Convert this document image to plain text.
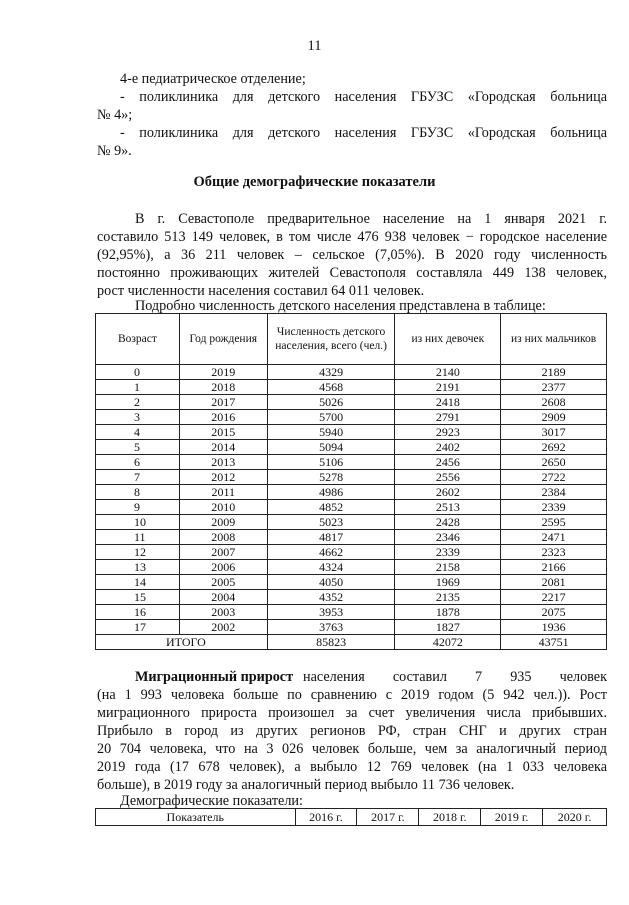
11
4-е педиатрическое отделение;
- поликлиника для детского населения ГБУЗС «Городская больница
№ 4»;
- поликлиника для детского населения ГБУЗС «Городская больница
№ 9».
Общие демографические показатели
В г. Севастополе предварительное население на 1 января 2021 г.
составило 513 149 человек, в том числе 476 938 человек − городское население
(92,95%), а 36 211 человек – сельское (7,05%). В 2020 году численность
постоянно проживающих жителей Севастополя составляла 449 138 человек,
рост численности населения составил 64 011 человек.
Подробно численность детского населения представлена в таблице:
Возраст	Год рождения	Численность детского населения, всего (чел.)	из них девочек	из них мальчиков
0	2019	4329	2140	2189
1	2018	4568	2191	2377
2	2017	5026	2418	2608
3	2016	5700	2791	2909
4	2015	5940	2923	3017
5	2014	5094	2402	2692
6	2013	5106	2456	2650
7	2012	5278	2556	2722
8	2011	4986	2602	2384
9	2010	4852	2513	2339
10	2009	5023	2428	2595
11	2008	4817	2346	2471
12	2007	4662	2339	2323
13	2006	4324	2158	2166
14	2005	4050	1969	2081
15	2004	4352	2135	2217
16	2003	3953	1878	2075
17	2002	3763	1827	1936
ИТОГО		85823	42072	43751
Миграционный прирост населения составил 7 935 человек
(на 1 993 человека больше по сравнению с 2019 годом (5 942 чел.)). Рост
миграционного прироста произошел за счет увеличения числа прибывших.
Прибыло в город из других регионов РФ, стран СНГ и других стран
20 704 человека, что на 3 026 человек больше, чем за аналогичный период
2019 года (17 678 человек), а выбыло 12 769 человек (на 1 033 человека
больше), в 2019 году за аналогичный период выбыло 11 736 человек.
Демографические показатели:
Показатель	2016 г.	2017 г.	2018 г.	2019 г.	2020 г.
